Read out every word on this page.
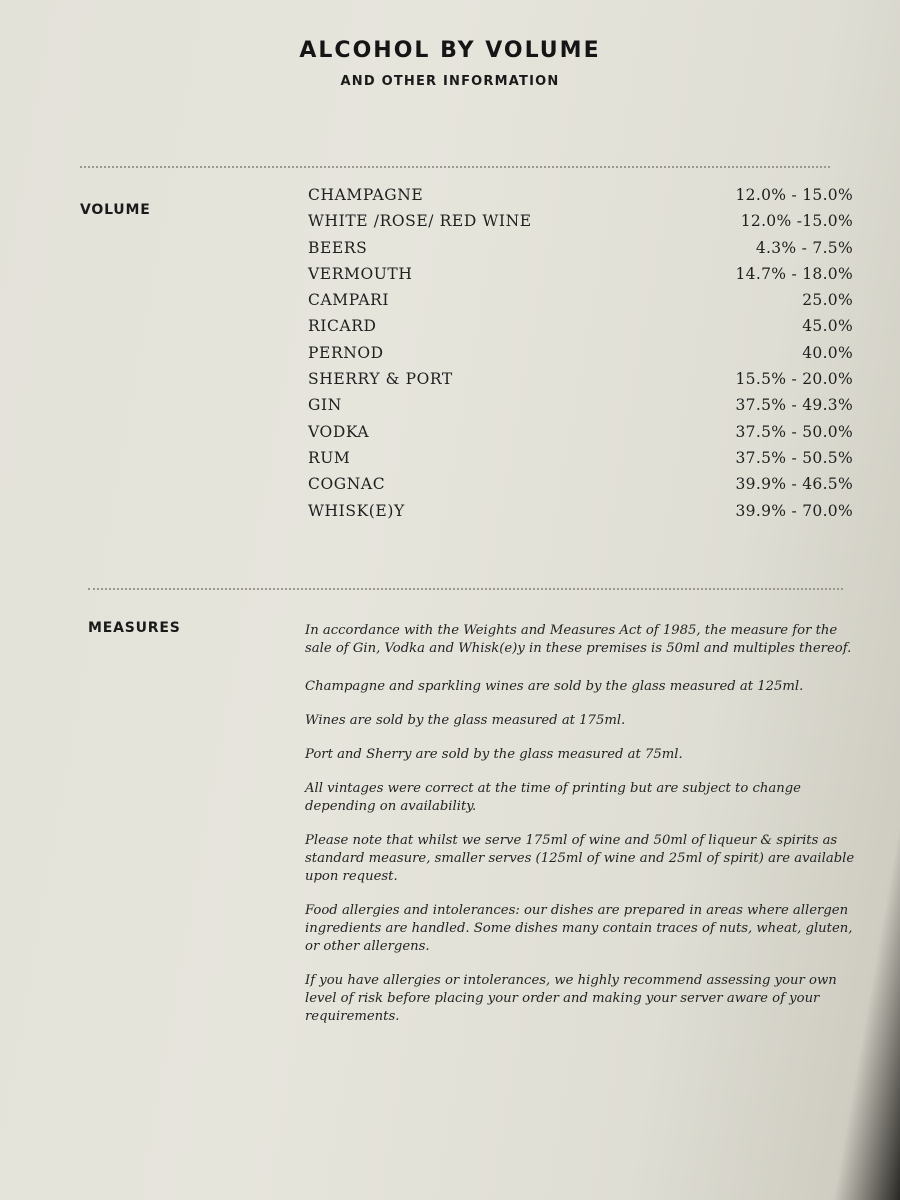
ALCOHOL BY VOLUME
AND OTHER INFORMATION
VOLUME
CHAMPAGNE	12.0% - 15.0%
WHITE /ROSE/ RED WINE	12.0% -15.0%
BEERS	4.3% - 7.5%
VERMOUTH	14.7% - 18.0%
CAMPARI	25.0%
RICARD	45.0%
PERNOD	40.0%
SHERRY & PORT	15.5% - 20.0%
GIN	37.5% - 49.3%
VODKA	37.5% - 50.0%
RUM	37.5% - 50.5%
COGNAC	39.9% - 46.5%
WHISK(E)Y	39.9% - 70.0%
MEASURES	In accordance with the Weights and Measures Act of 1985, the measure for the sale of Gin, Vodka and Whisk(e)y in these premises is 50ml and multiples thereof.

Champagne and sparkling wines are sold by the glass measured at 125ml.

Wines are sold by the glass measured at 175ml.

Port and Sherry are sold by the glass measured at 75ml.

All vintages were correct at the time of printing but are subject to change depending on availability.

Please note that whilst we serve 175ml of wine and 50ml of liqueur & spirits as standard measure, smaller serves (125ml of wine and 25ml of spirit) are available upon request.

Food allergies and intolerances: our dishes are prepared in areas where allergen ingredients are handled. Some dishes many contain traces of nuts, wheat, gluten, or other allergens.

If you have allergies or intolerances, we highly recommend assessing your own level of risk before placing your order and making your server aware of your requirements.
